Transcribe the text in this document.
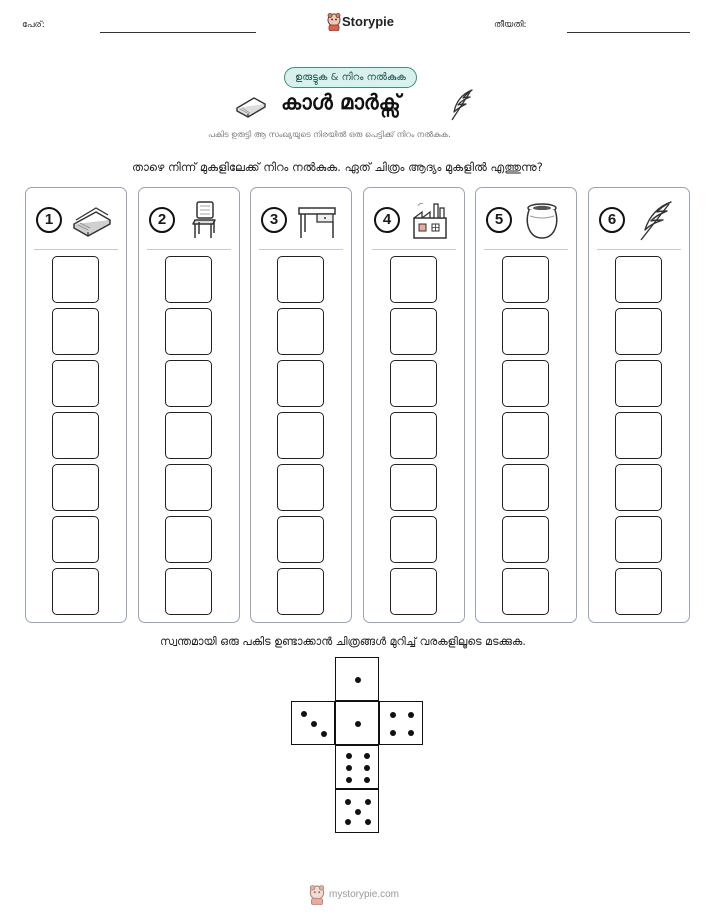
പേര്:	Storypie	തീയതി:
ഉരുട്ടുക & നിറം നൽകുക
കാൾ മാർക്സ്
പകിട ഉരുട്ടി ആ സംഖ്യയുടെ നിരയിൽ ഒരു പെട്ടിക്ക് നിറം നൽകുക.
താഴെ നിന്ന് മുകളിലേക്ക് നിറം നൽകുക. ഏത് ചിത്രം ആദ്യം മുകളിൽ എത്തുന്നു?
1	2	3	4	5	6
സ്വന്തമായി ഒരു പകിട ഉണ്ടാക്കാൻ ചിത്രങ്ങൾ മുറിച്ച് വരകളിലൂടെ മടക്കുക.
mystorypie.com
